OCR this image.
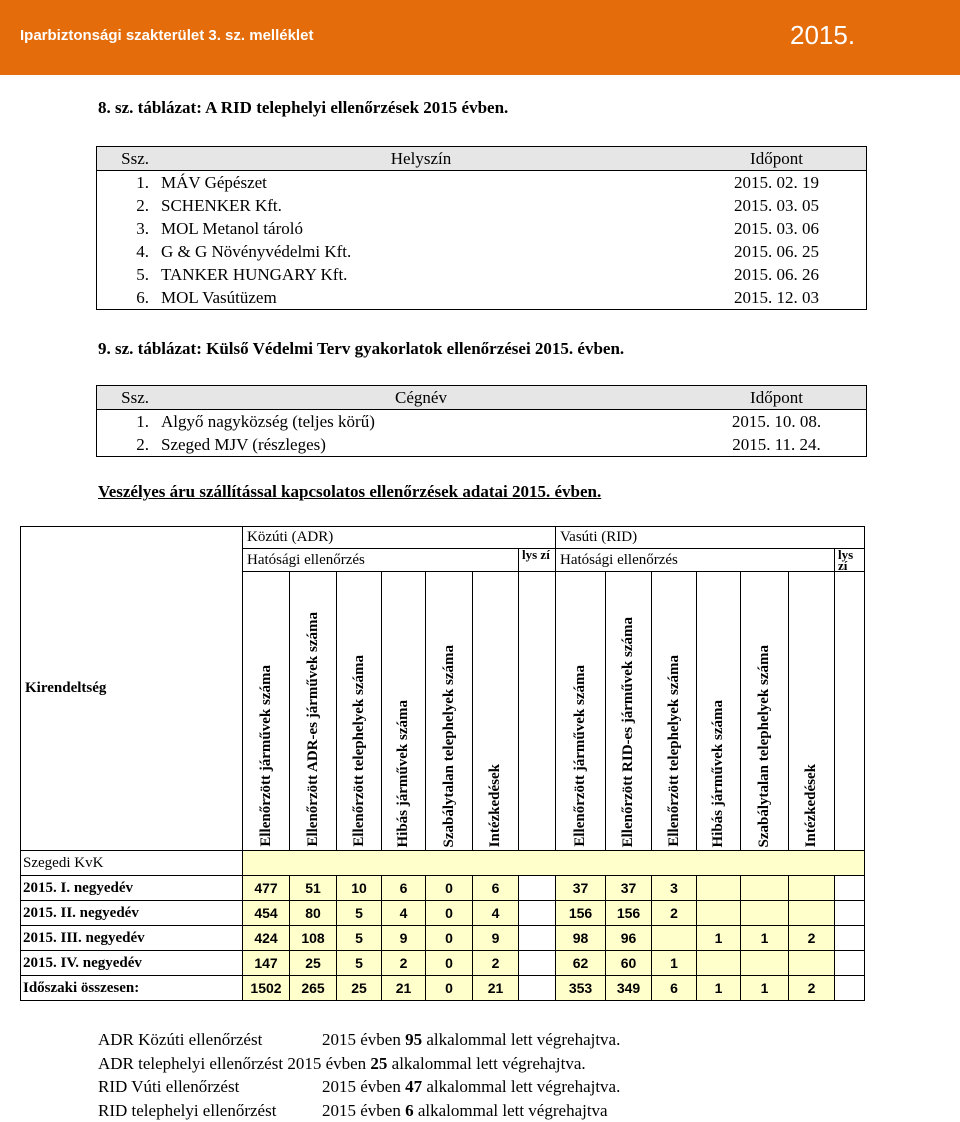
Iparbiztonsági szakterület 3. sz. melléklet	2015.
8. sz. táblázat: A RID telephelyi ellenőrzések 2015 évben.
Ssz.	Helyszín	Időpont
1.	MÁV Gépészet	2015. 02. 19
2.	SCHENKER Kft.	2015. 03. 05
3.	MOL Metanol tároló	2015. 03. 06
4.	G & G Növényvédelmi Kft.	2015. 06. 25
5.	TANKER HUNGARY Kft.	2015. 06. 26
6.	MOL Vasútüzem	2015. 12. 03
9. sz. táblázat: Külső Védelmi Terv gyakorlatok ellenőrzései 2015. évben.
Ssz.	Cégnév	Időpont
1.	Algyő nagyközség (teljes körű)	2015. 10. 08.
2.	Szeged MJV (részleges)	2015. 11. 24.
Veszélyes áru szállítással kapcsolatos ellenőrzések adatai 2015. évben.
Kirendeltség	Közúti (ADR)							Vasúti (RID)						
	Hatósági ellenőrzés						lys zí	Hatósági ellenőrzés						lys zí
	Ellenőrzött járművek száma	Ellenőrzött ADR-es járművek száma	Ellenőrzött telephelyek száma	Hibás járművek száma	Szabálytalan telephelyek száma	Intézkedések		Ellenőrzött járművek száma	Ellenőrzött RID-es járművek száma	Ellenőrzött telephelyek száma	Hibás járművek száma	Szabálytalan telephelyek száma	Intézkedések	
Szegedi KvK														
2015. I. negyedév	477	51	10	6	0	6		37	37	3				
2015. II. negyedév	454	80	5	4	0	4		156	156	2				
2015. III. negyedév	424	108	5	9	0	9		98	96		1	1	2	
2015. IV. negyedév	147	25	5	2	0	2		62	60	1				
Időszaki összesen:	1502	265	25	21	0	21		353	349	6	1	1	2	
ADR Közúti ellenőrzést	2015 évben 95 alkalommal lett végrehajtva.
ADR telephelyi ellenőrzést 2015 évben 25 alkalommal lett végrehajtva.
RID Vúti ellenőrzést	2015 évben 47 alkalommal lett végrehajtva.
RID telephelyi ellenőrzést	2015 évben 6 alkalommal lett végrehajtva
